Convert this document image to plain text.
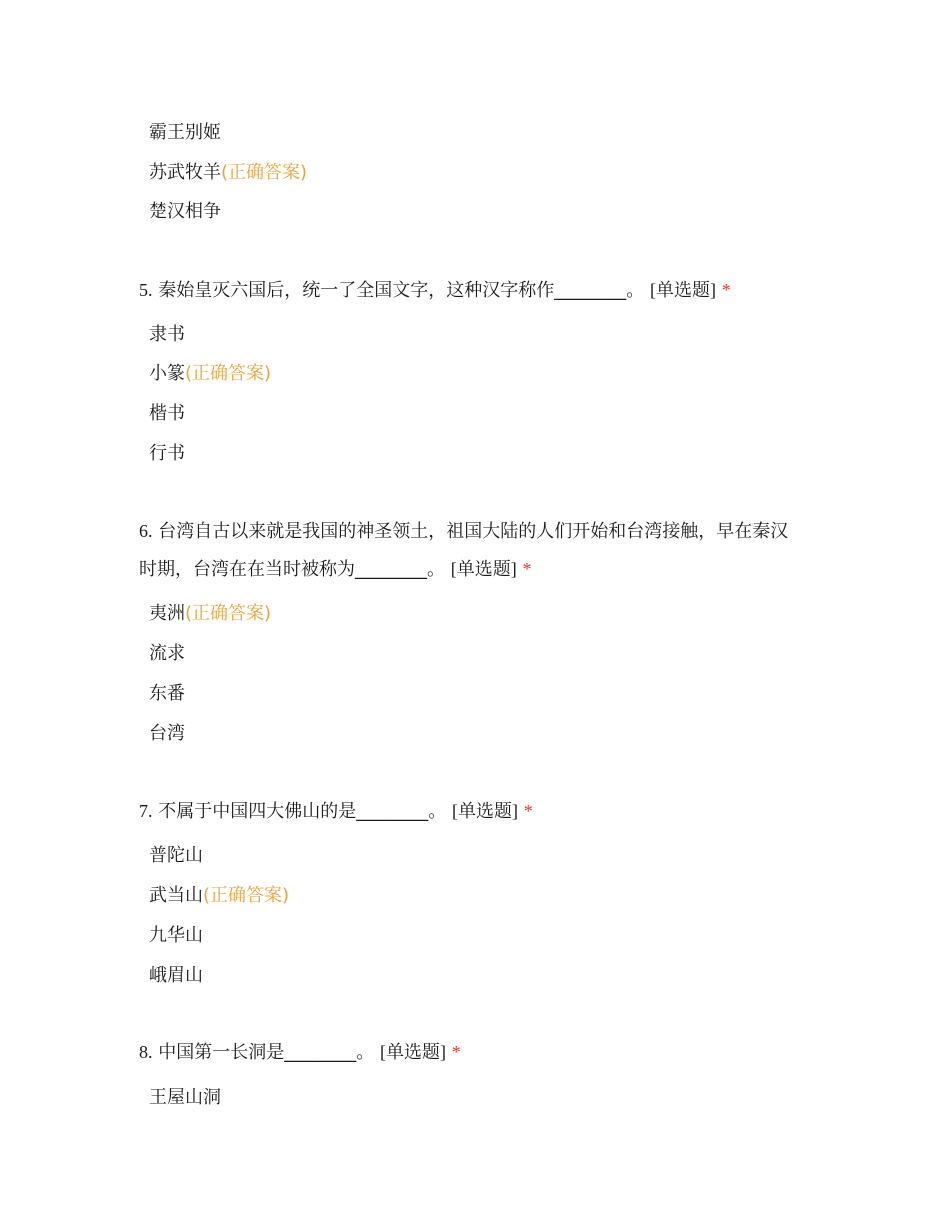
霸王别姬
苏武牧羊(正确答案)
楚汉相争
5. 秦始皇灭六国后，统一了全国文字，这种汉字称作________。 [单选题] *
隶书
小篆(正确答案)
楷书
行书
6. 台湾自古以来就是我国的神圣领土，祖国大陆的人们开始和台湾接触，早在秦汉
时期，台湾在在当时被称为________。 [单选题] *
夷洲(正确答案)
流求
东番
台湾
7. 不属于中国四大佛山的是________。 [单选题] *
普陀山
武当山(正确答案)
九华山
峨眉山
8. 中国第一长洞是________。 [单选题] *
王屋山洞
